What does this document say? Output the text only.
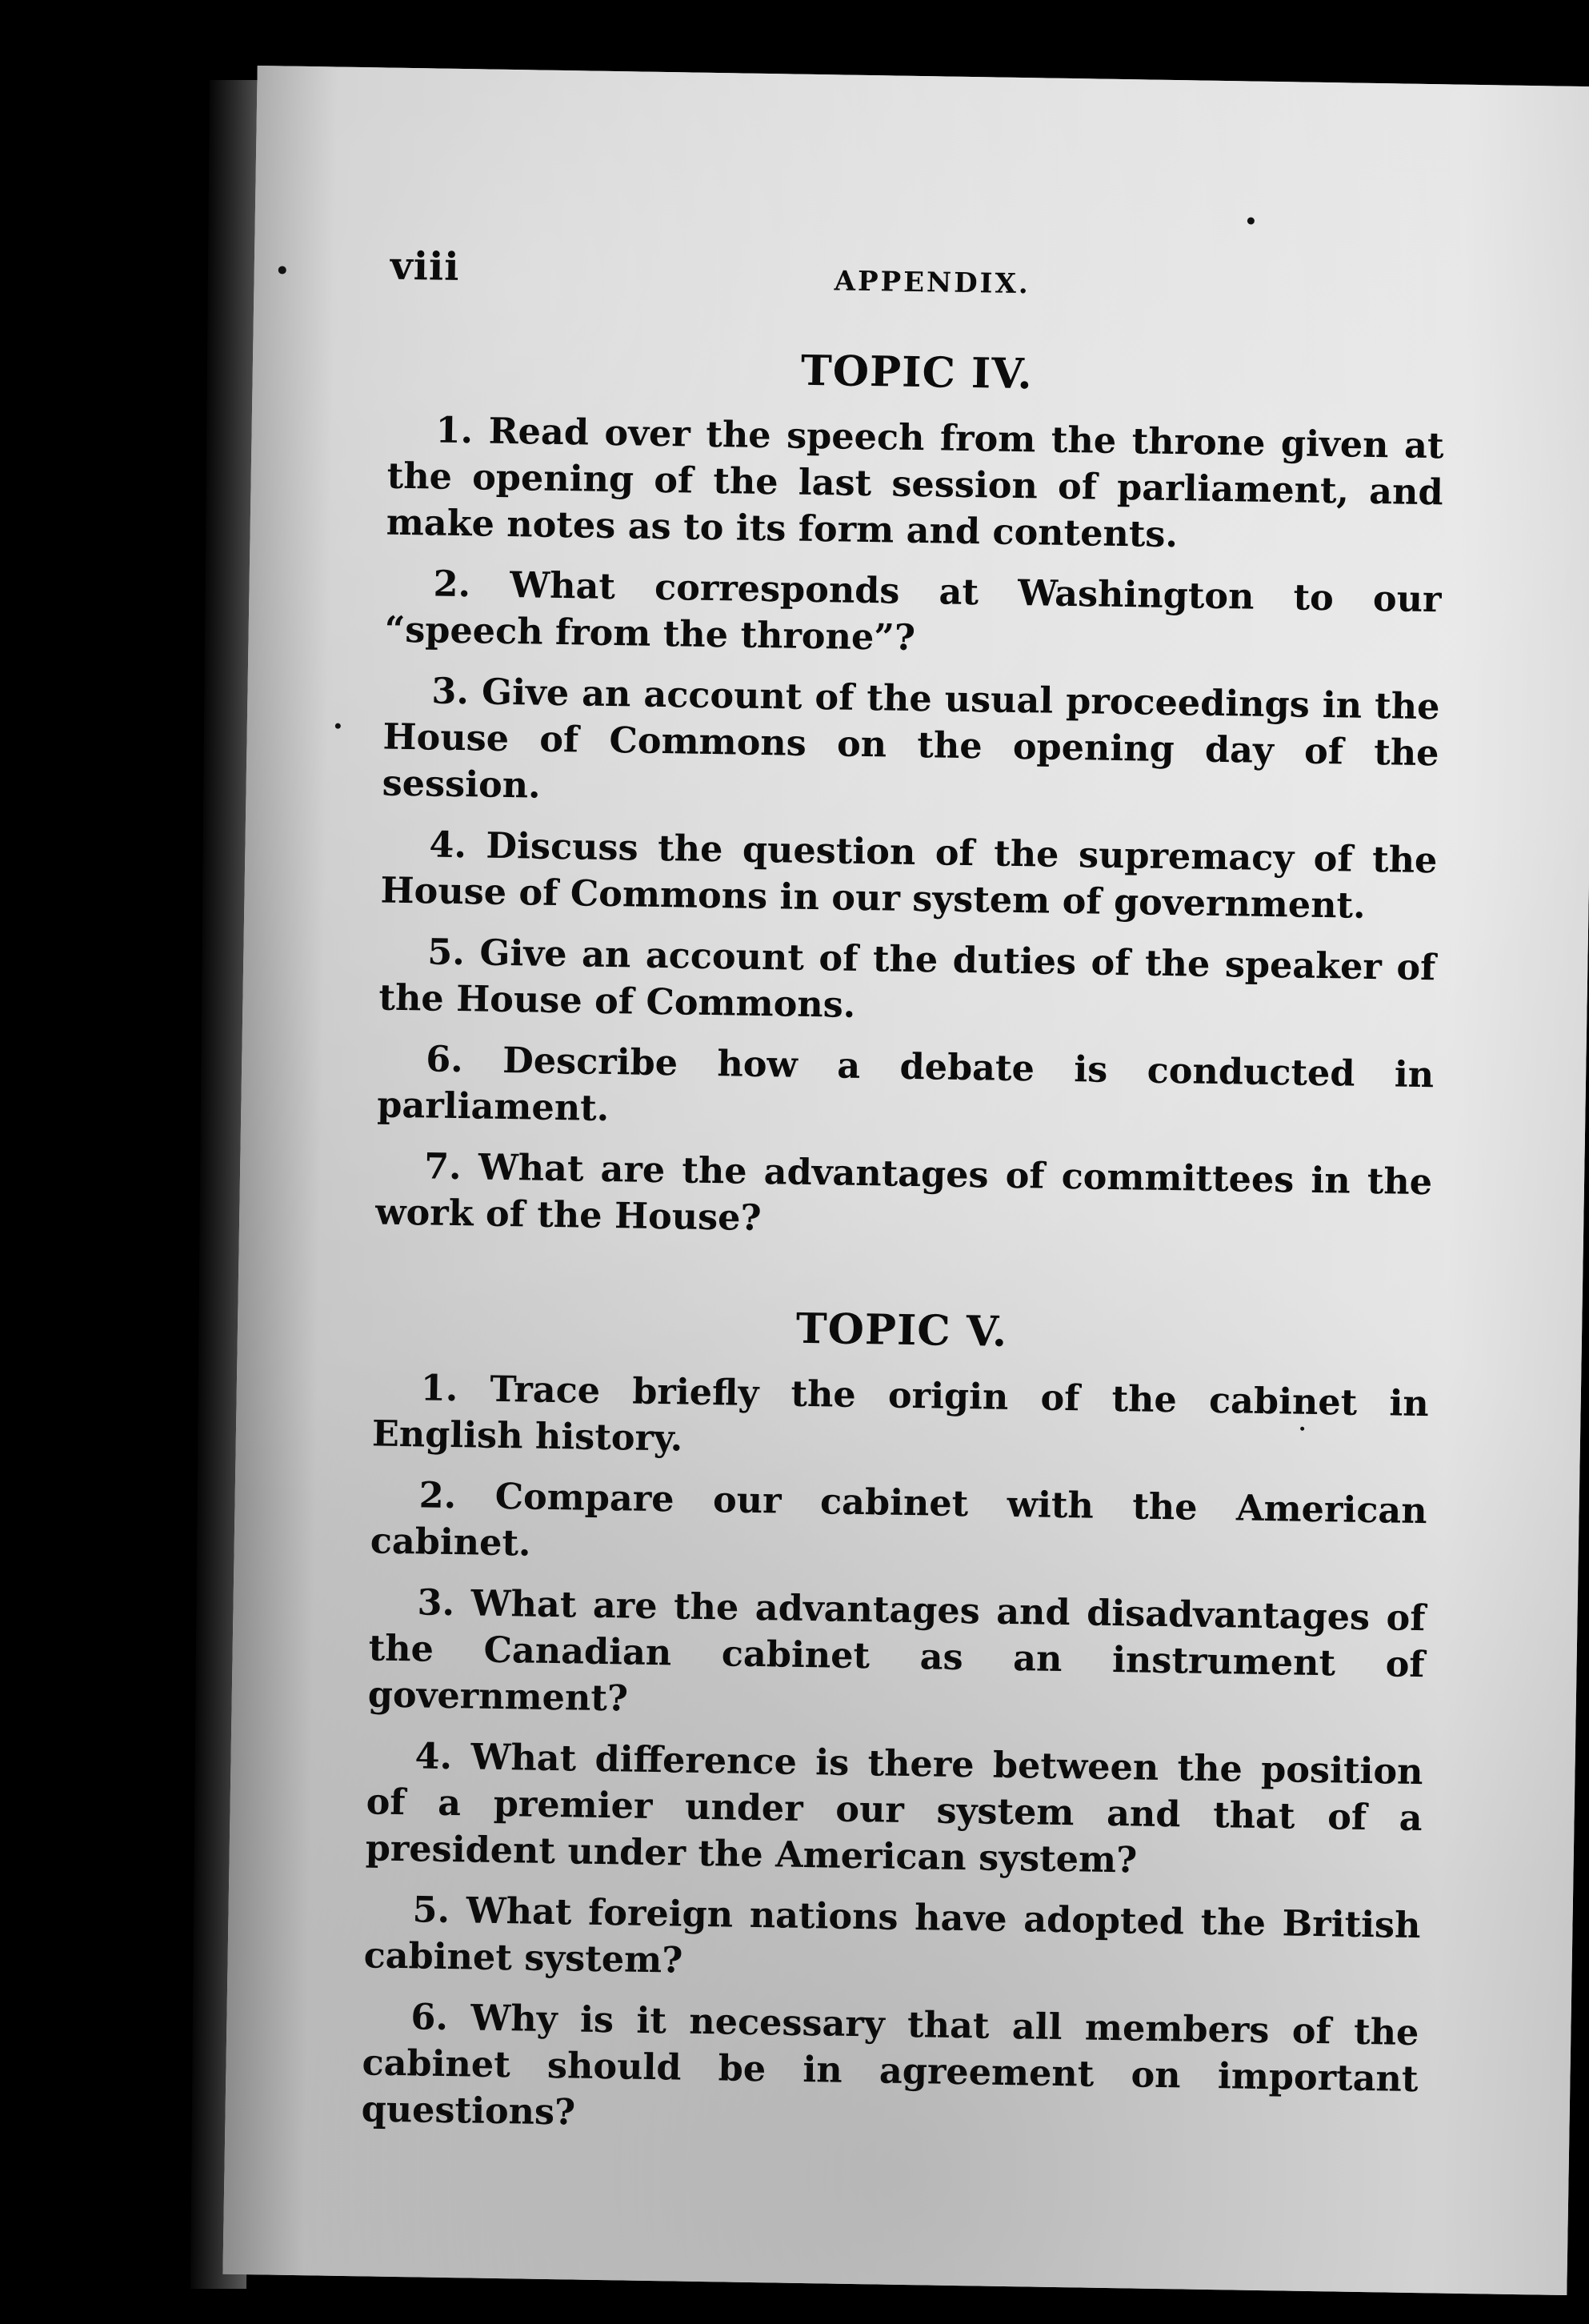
viii	APPENDIX.
TOPIC IV.

1. Read over the speech from the throne given at the opening of the last session of parliament, and make notes as to its form and contents.

2. What corresponds at Washington to our “speech from the throne”?

3. Give an account of the usual proceedings in the House of Commons on the opening day of the session.

4. Discuss the question of the supremacy of the House of Commons in our system of government.

5. Give an account of the duties of the speaker of the House of Commons.

6. Describe how a debate is conducted in parliament.

7. What are the advantages of committees in the work of the House?

TOPIC V.

1. Trace briefly the origin of the cabinet in English history.

2. Compare our cabinet with the American cabinet.

3. What are the advantages and disadvantages of the Canadian cabinet as an instrument of government?

4. What difference is there between the position of a premier under our system and that of a president under the American system?

5. What foreign nations have adopted the British cabinet system?

6. Why is it necessary that all members of the cabinet should be in agreement on important questions?
